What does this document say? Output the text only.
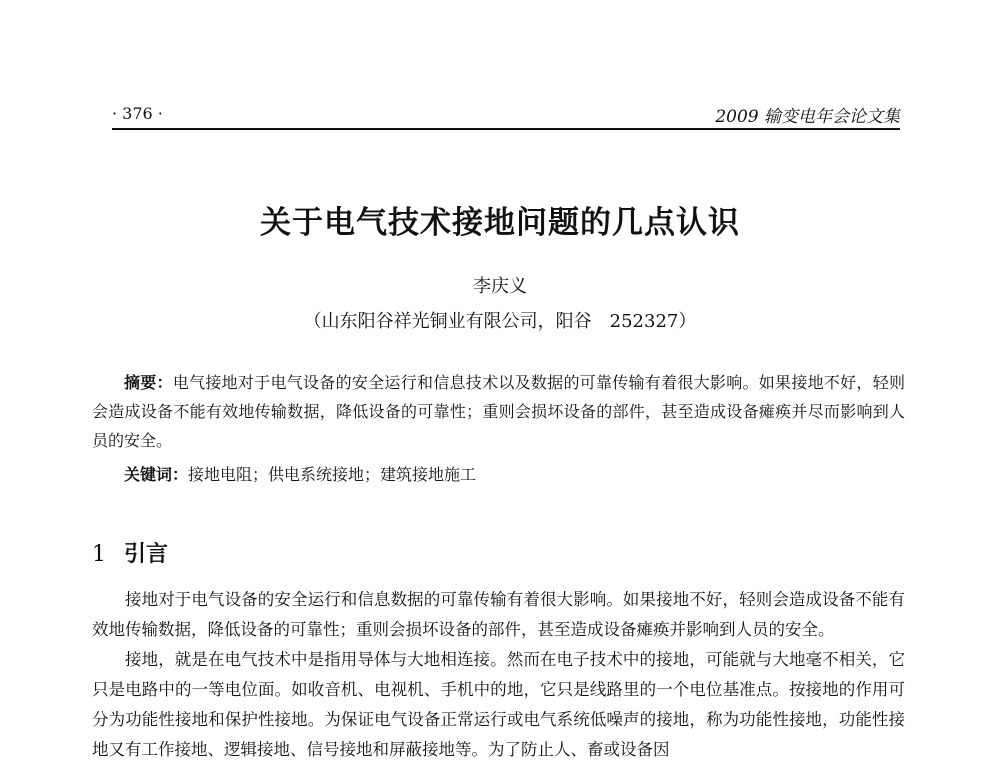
· 376 ·	2009 输变电年会论文集
关于电气技术接地问题的几点认识
李庆义
（山东阳谷祥光铜业有限公司，阳谷　252327）
摘要：电气接地对于电气设备的安全运行和信息技术以及数据的可靠传输有着很大影响。如果接地不好，轻则会造成设备不能有效地传输数据，降低设备的可靠性；重则会损坏设备的部件，甚至造成设备瘫痪并尽而影响到人员的安全。
关键词：接地电阻；供电系统接地；建筑接地施工
1 引言

接地对于电气设备的安全运行和信息数据的可靠传输有着很大影响。如果接地不好，轻则会造成设备不能有效地传输数据，降低设备的可靠性；重则会损坏设备的部件，甚至造成设备瘫痪并影响到人员的安全。

接地，就是在电气技术中是指用导体与大地相连接。然而在电子技术中的接地，可能就与大地毫不相关，它只是电路中的一等电位面。如收音机、电视机、手机中的地，它只是线路里的一个电位基准点。按接地的作用可分为功能性接地和保护性接地。为保证电气设备正常运行或电气系统低噪声的接地，称为功能性接地，功能性接地又有工作接地、逻辑接地、信号接地和屏蔽接地等。为了防止人、畜或设备因
